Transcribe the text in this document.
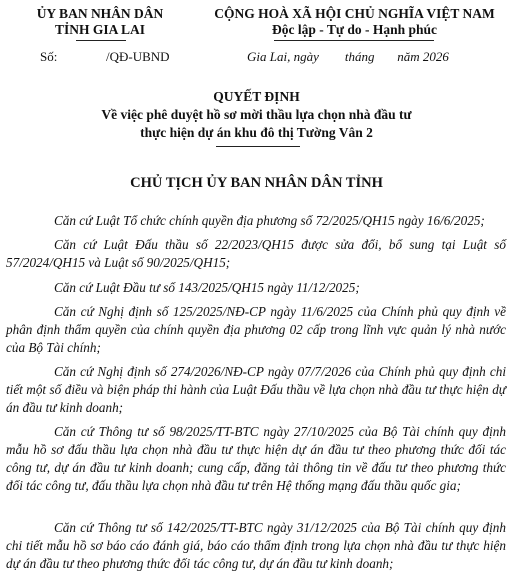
ỦY BAN NHÂN DÂN
TỈNH GIA LAI
Số:	/QĐ-UBND
CỘNG HOÀ XÃ HỘI CHỦ NGHĨA VIỆT NAM
Độc lập - Tự do - Hạnh phúc
Gia Lai, ngày        tháng       năm 2026
QUYẾT ĐỊNH
Về việc phê duyệt hồ sơ mời thầu lựa chọn nhà đầu tư
thực hiện dự án khu đô thị Tường Vân 2
CHỦ TỊCH ỦY BAN NHÂN DÂN TỈNH
Căn cứ Luật Tổ chức chính quyền địa phương số 72/2025/QH15 ngày 16/6/2025;
Căn cứ Luật Đấu thầu số 22/2023/QH15 được sửa đổi, bổ sung tại Luật số 57/2024/QH15 và Luật số 90/2025/QH15;
Căn cứ Luật Đầu tư số 143/2025/QH15 ngày 11/12/2025;
Căn cứ Nghị định số 125/2025/NĐ-CP ngày 11/6/2025 của Chính phủ quy định về phân định thẩm quyền của chính quyền địa phương 02 cấp trong lĩnh vực quản lý nhà nước của Bộ Tài chính;
Căn cứ Nghị định số 274/2026/NĐ-CP ngày 07/7/2026 của Chính phủ quy định chi tiết một số điều và biện pháp thi hành của Luật Đấu thầu về lựa chọn nhà đầu tư thực hiện dự án đầu tư kinh doanh;
Căn cứ Thông tư số 98/2025/TT-BTC ngày 27/10/2025 của Bộ Tài chính quy định mẫu hồ sơ đấu thầu lựa chọn nhà đầu tư thực hiện dự án đầu tư theo phương thức đối tác công tư, dự án đầu tư kinh doanh; cung cấp, đăng tải thông tin về đấu tư theo phương thức đối tác công tư, đấu thầu lựa chọn nhà đầu tư trên Hệ thống mạng đấu thầu quốc gia;
Căn cứ Thông tư số 142/2025/TT-BTC ngày 31/12/2025 của Bộ Tài chính quy định chi tiết mẫu hồ sơ báo cáo đánh giá, báo cáo thẩm định trong lựa chọn nhà đầu tư thực hiện dự án đầu tư theo phương thức đối tác công tư, dự án đầu tư kinh doanh;
